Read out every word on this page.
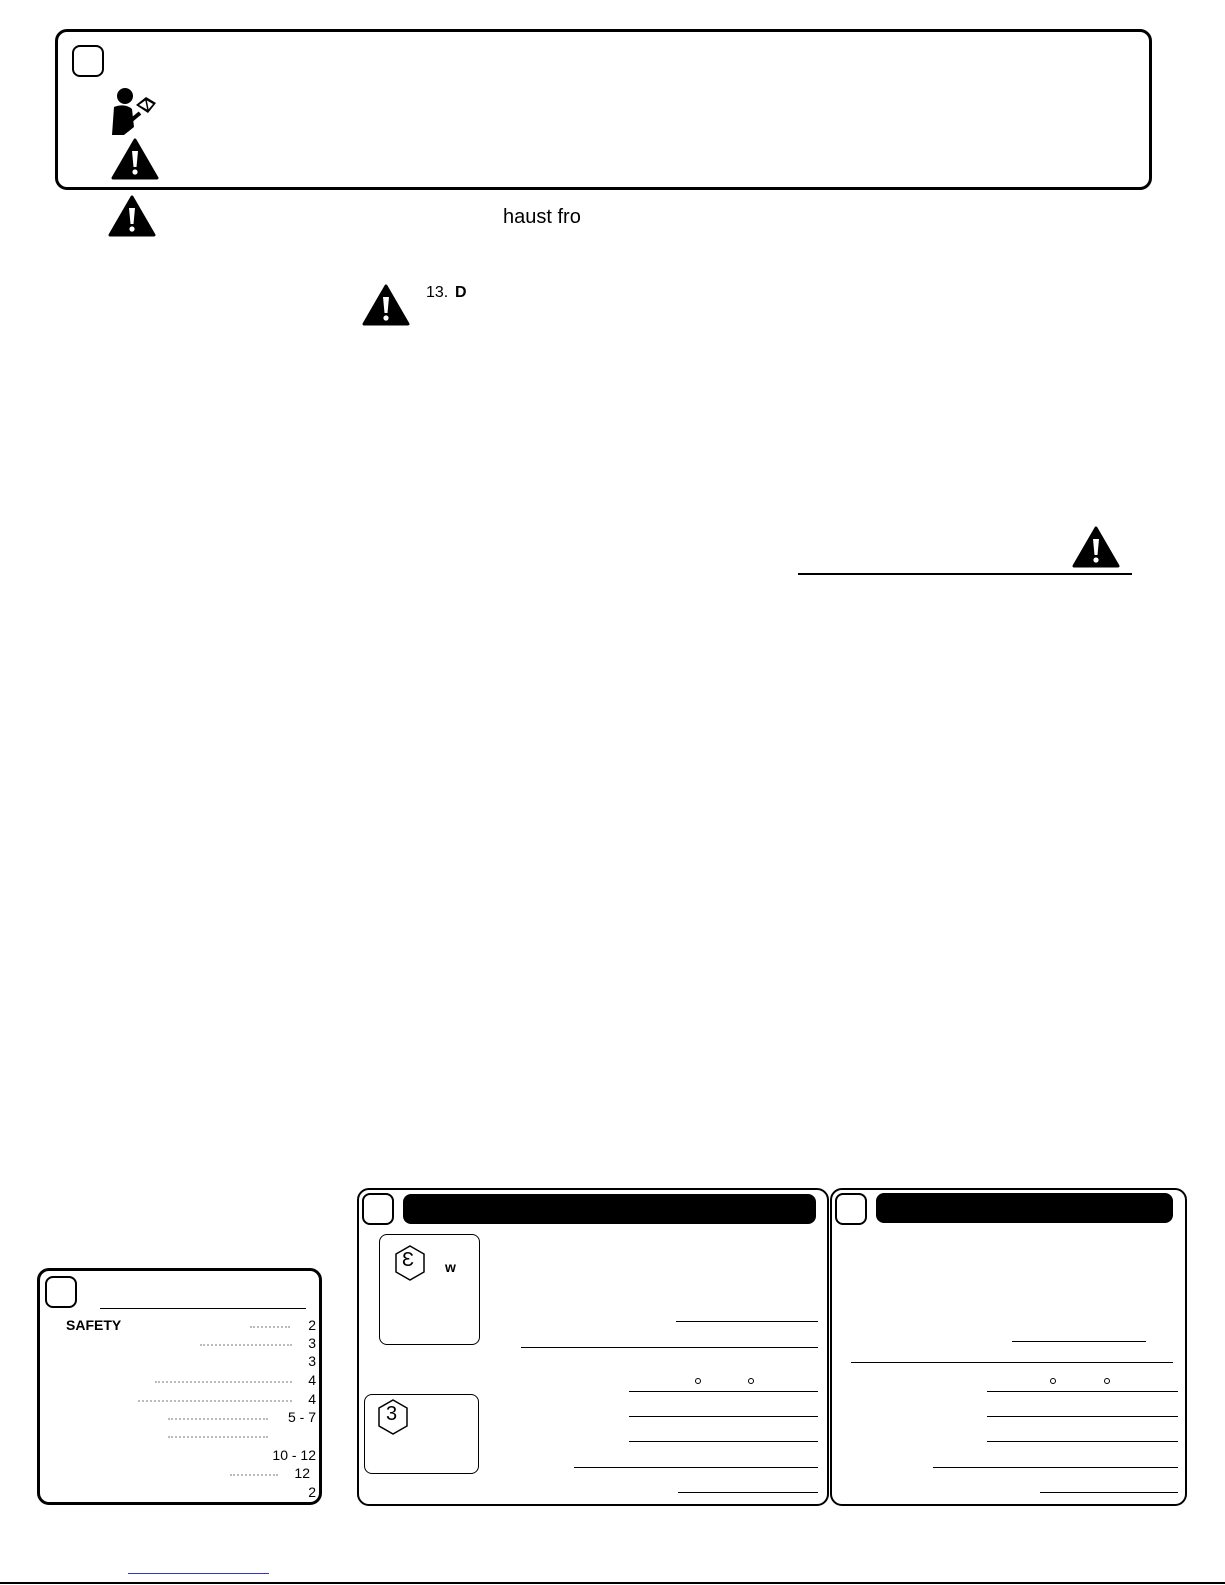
haust fro
13. D
SAFETY	2
3
3
4
4
5 - 7
10 - 12
12
2
Ɛ w
3
